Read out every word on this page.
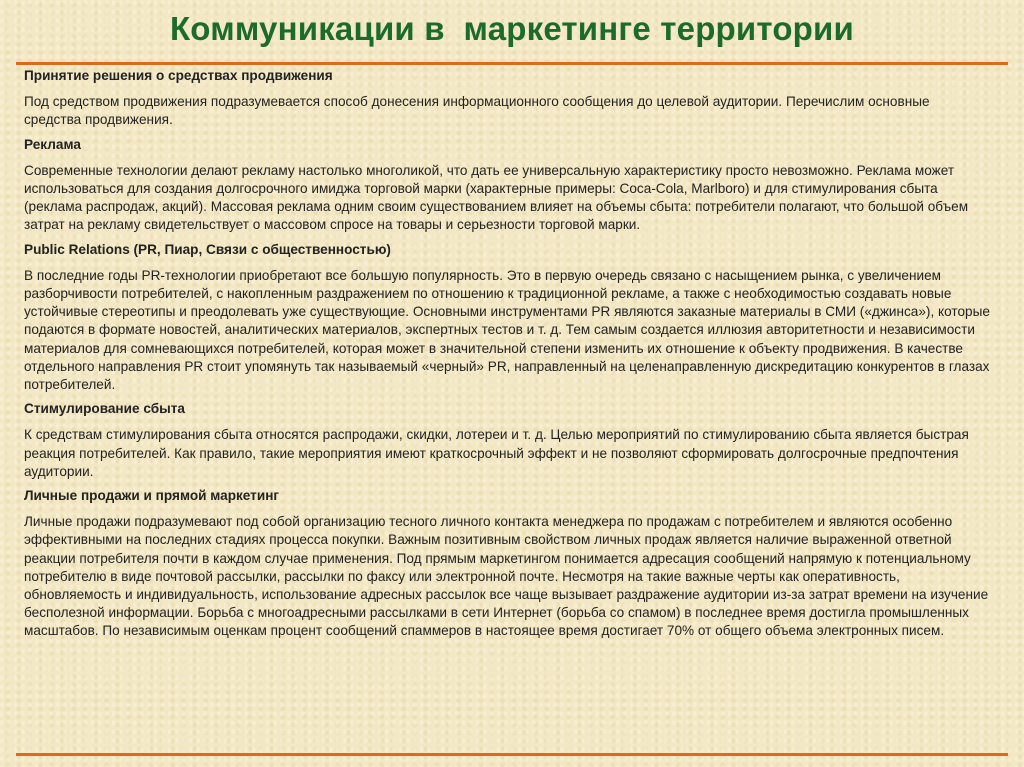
Коммуникации в  маркетинге территории
Принятие решения о средствах продвижения
Под средством продвижения подразумевается способ донесения информационного сообщения до целевой аудитории. Перечислим основные средства продвижения.
Реклама
Современные технологии делают рекламу настолько многоликой, что дать ее универсальную характеристику просто невозможно. Реклама может использоваться для создания долгосрочного имиджа торговой марки (характерные примеры: Coca-Cola, Marlboro) и для стимулирования сбыта (реклама распродаж, акций). Массовая реклама одним своим существованием влияет на объемы сбыта: потребители полагают, что большой объем затрат на рекламу свидетельствует о массовом спросе на товары и серьезности торговой марки.
Public Relations (PR, Пиар, Связи с общественностью)
В последние годы PR-технологии приобретают все большую популярность. Это в первую очередь связано с насыщением рынка, с увеличением разборчивости потребителей, с накопленным раздражением по отношению к традиционной рекламе, а также с необходимостью создавать новые устойчивые стереотипы и преодолевать уже существующие. Основными инструментами PR являются заказные материалы в СМИ («джинса»), которые подаются в формате новостей, аналитических материалов, экспертных тестов и т. д. Тем самым создается иллюзия авторитетности и независимости материалов для сомневающихся потребителей, которая может в значительной степени изменить их отношение к объекту продвижения. В качестве отдельного направления PR стоит упомянуть так называемый «черный» PR, направленный на целенаправленную дискредитацию конкурентов в глазах потребителей.
Стимулирование сбыта
К средствам стимулирования сбыта относятся распродажи, скидки, лотереи и т. д. Целью мероприятий по стимулированию сбыта является быстрая реакция потребителей. Как правило, такие мероприятия имеют краткосрочный эффект и не позволяют сформировать долгосрочные предпочтения аудитории.
Личные продажи и прямой маркетинг
Личные продажи подразумевают под собой организацию тесного личного контакта менеджера по продажам с потребителем и являются особенно эффективными на последних стадиях процесса покупки. Важным позитивным свойством личных продаж является наличие выраженной ответной реакции потребителя почти в каждом случае применения. Под прямым маркетингом понимается адресация сообщений напрямую к потенциальному потребителю в виде почтовой рассылки, рассылки по факсу или электронной почте. Несмотря на такие важные черты как оперативность, обновляемость и индивидуальность, использование адресных рассылок все чаще вызывает раздражение аудитории из-за затрат времени на изучение бесполезной информации. Борьба с многоадресными рассылками в сети Интернет (борьба со спамом) в последнее время достигла промышленных масштабов. По независимым оценкам процент сообщений спаммеров в настоящее время достигает 70% от общего объема электронных писем.
